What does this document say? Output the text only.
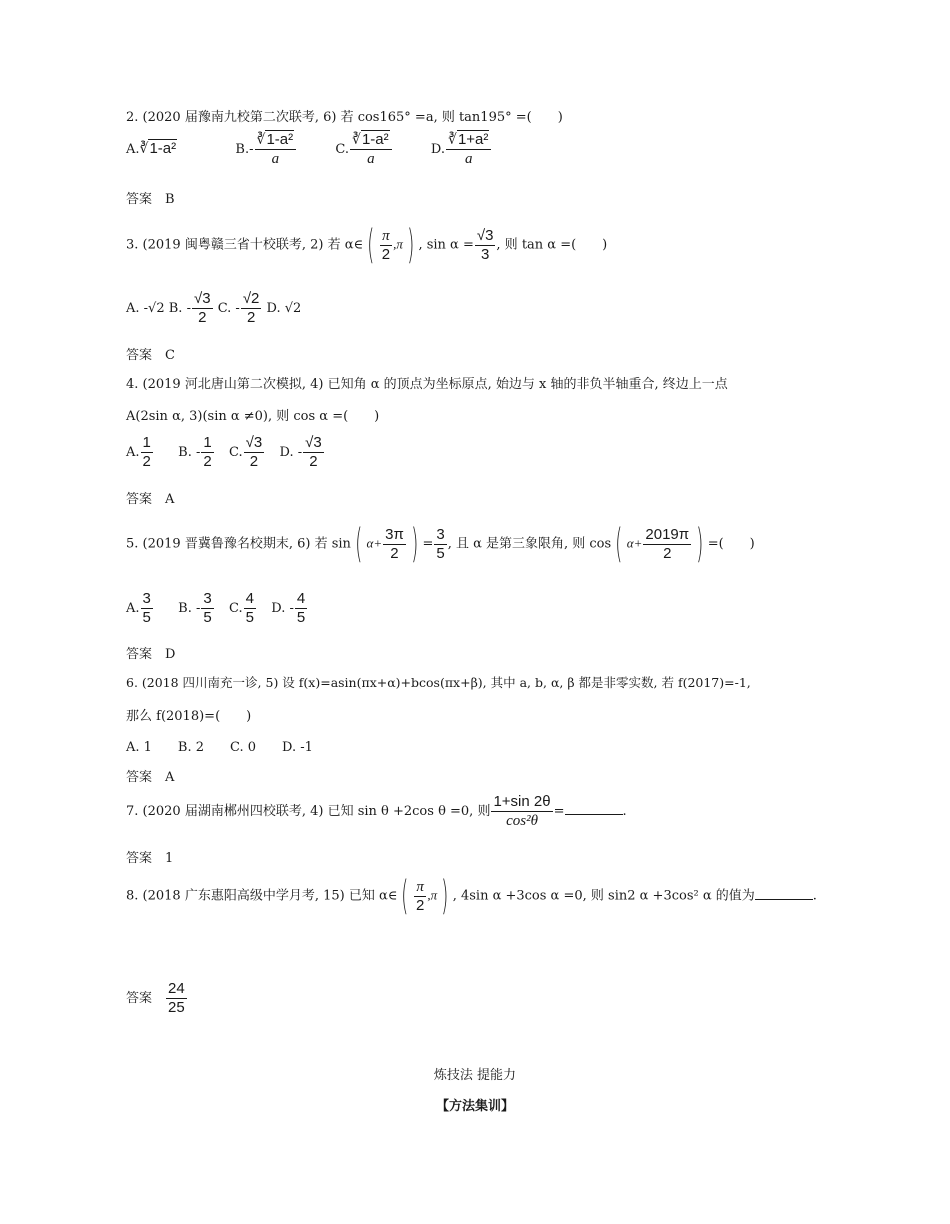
2. (2020 届豫南九校第二次联考, 6) 若 cos165° =a, 则 tan195° =(　　)
A.∛1-a²	$B.- \frac{\text{∛1-a²}}{a}$	C. $\frac{\text{∛1-a²}}{a}$	D. $\frac{\text{∛1+a²}}{a}$
答案　 B
3. (2019 闽粤赣三省十校联考, 2) 若 α∈ ( $\frac{\pi}{2} ,\pi$ ) , $\sin \alpha = \frac{√3}{3}$ , 则 tan α =(　　)
A. -√2 B. - $\frac{√3}{2} C$. - $\frac{√2}{2} D$. √2
答案　 C
4. (2019 河北唐山第二次模拟, 4) 已知角 α 的顶点为坐标原点, 始边与 x 轴的非负半轴重合, 终边上一点
A(2sin α, 3)(sin α ≠0), 则 cos α =(　　)
A. $\frac{1}{2} B$. - $\frac{1}{2} C$. $\frac{√3}{2} D$. - $\frac{√3}{2}$
答案　 A
5. (2019 晋冀鲁豫名校期末, 6) 若 sin ( $\alpha+ \frac{3\pi}{2}$ ) = $\frac{3}{5}$ , 且 α 是第三象限角, 则 cos ( $\alpha+ \frac{2019\pi}{2}$ ) =(　　)
A. $\frac{3}{5} B$. - $\frac{3}{5} C$. $\frac{4}{5} D$. - $\frac{4}{5}$
答案　 D
6. (2018 四川南充一诊, 5) 设 f(x)=asin(πx+α)+bcos(πx+β), 其中 a, b, α, β 都是非零实数, 若 f(2017)=-1,
那么 f(2018)=(　　)
A. 1　　B. 2　　C. 0　　D. -1
答案　 A
7. (2020 届湖南郴州四校联考, 4) 已知 sin θ +2cos θ =0, 则 $\frac{1+\sin 2\theta}{\text{cos²θ}}$ =	.
答案　 1
8. (2018 广东惠阳高级中学月考, 15) 已知 α∈ ( $\frac{\pi}{2} ,\pi$ ) , 4sin α +3cos α =0, 则 sin2 α +3cos² α 的值为	.
答案　 $\frac{24}{25}$
炼技法 提能力
【方法集训】
